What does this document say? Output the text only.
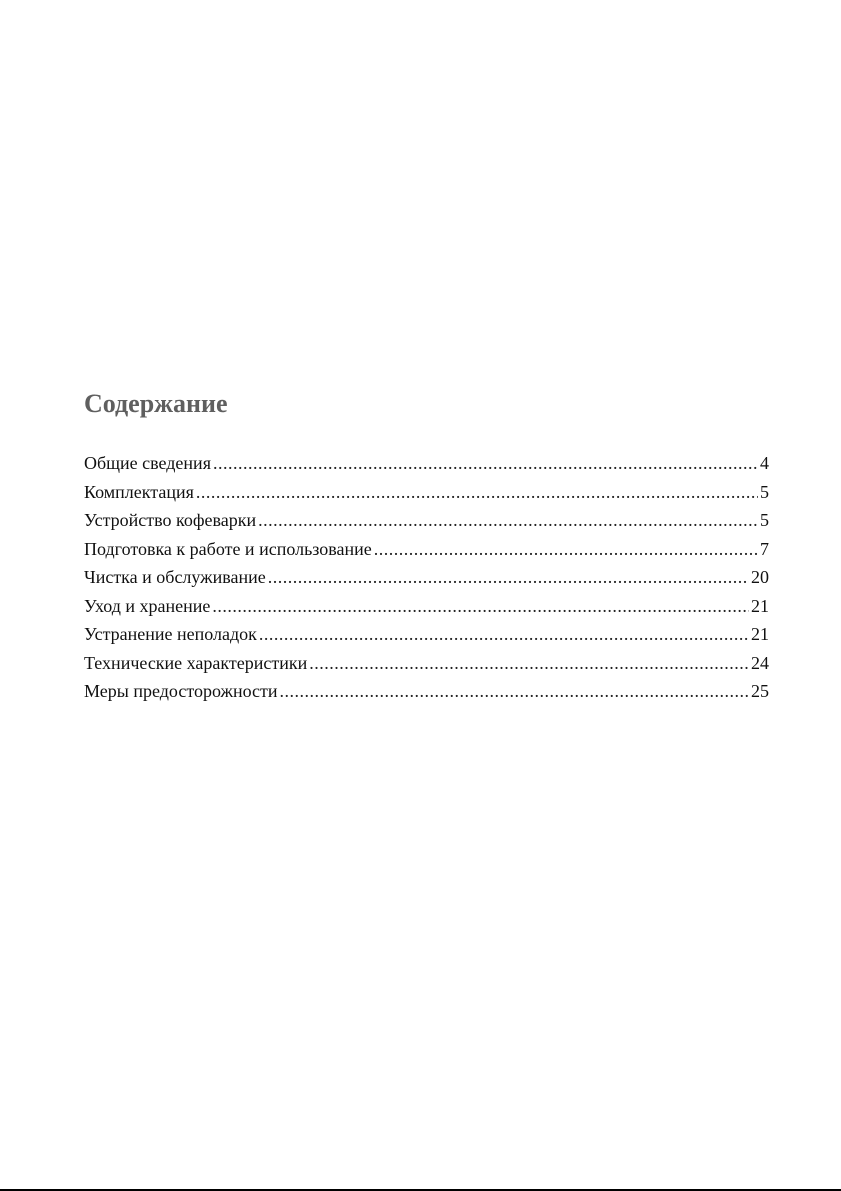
Содержание
Общие сведения .....	4
Комплектация .....	5
Устройство кофеварки .....	5
Подготовка к работе и использование .....	7
Чистка и обслуживание .....	20
Уход и хранение .....	21
Устранение неполадок .....	21
Технические характеристики .....	24
Меры предосторожности .....	25
